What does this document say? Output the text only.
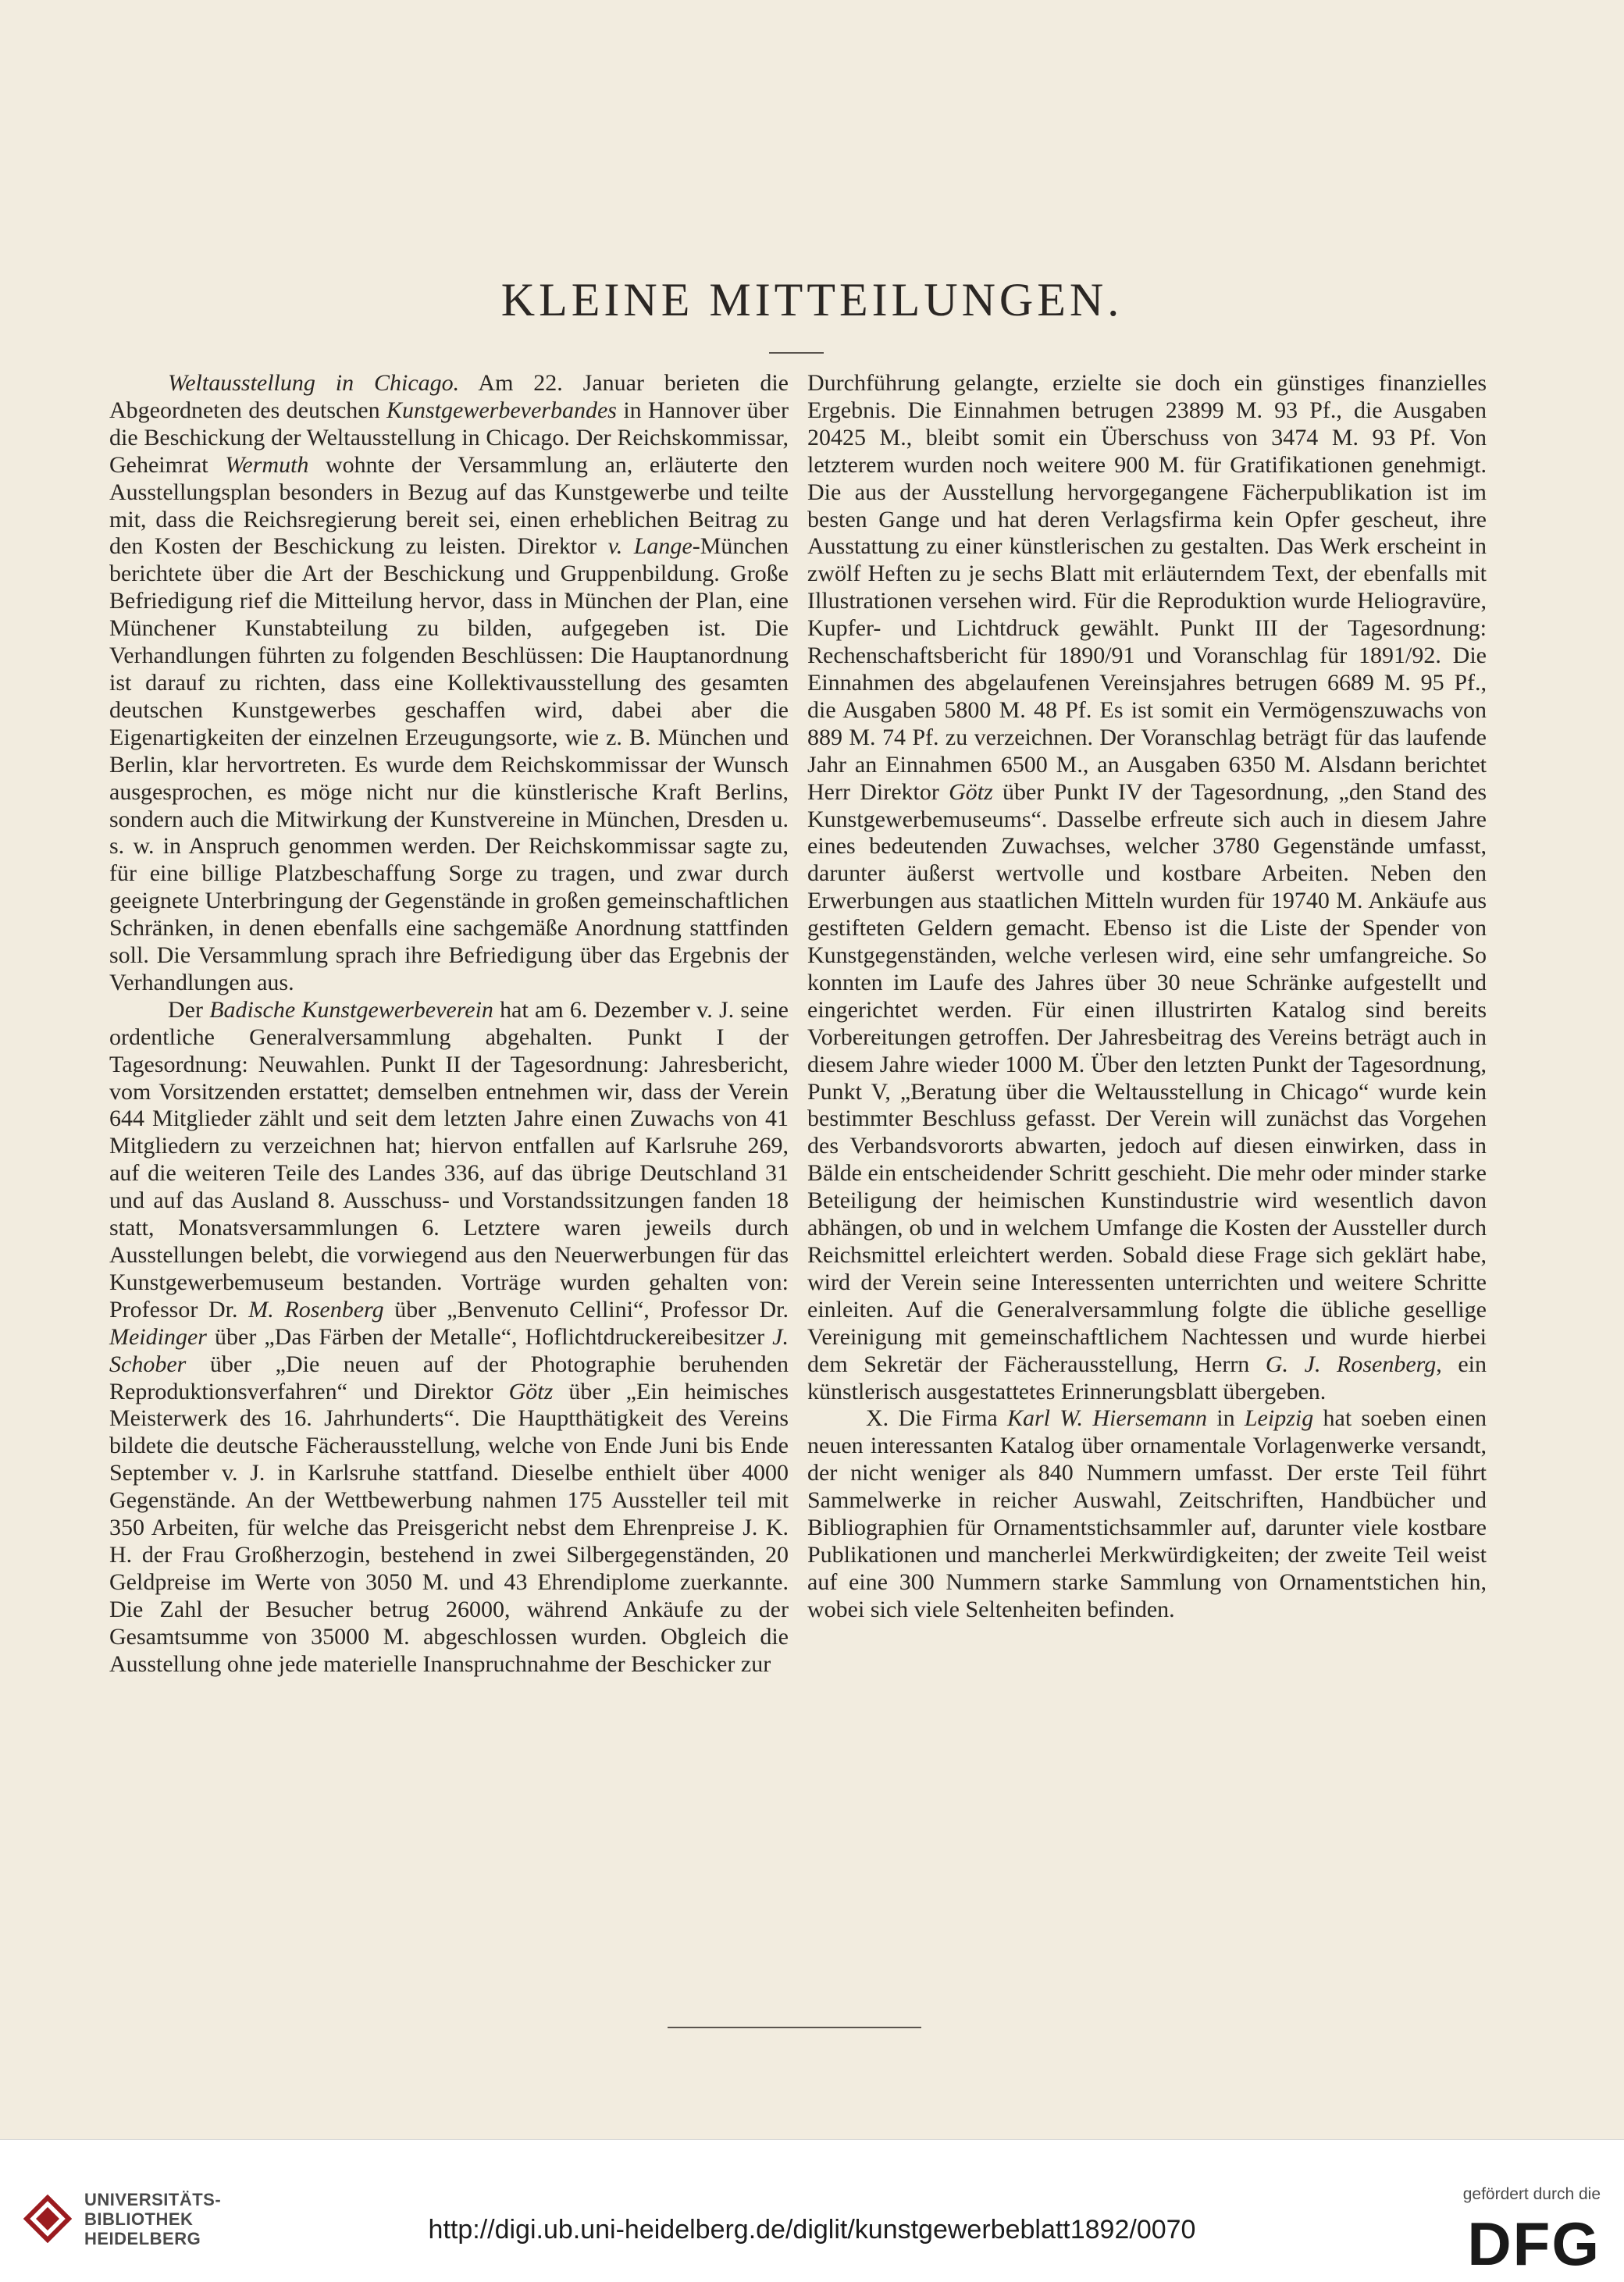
KLEINE MITTEILUNGEN.

Weltausstellung in Chicago. Am 22. Januar berieten die Abgeordneten des deutschen Kunstgewerbeverbandes in Hannover über die Beschickung der Weltausstellung in Chicago. Der Reichskommissar, Geheimrat Wermuth wohnte der Versammlung an, erläuterte den Ausstellungsplan besonders in Bezug auf das Kunstgewerbe und teilte mit, dass die Reichsregierung bereit sei, einen erheblichen Beitrag zu den Kosten der Beschickung zu leisten. Direktor v. Lange-München berichtete über die Art der Beschickung und Gruppenbildung. Große Befriedigung rief die Mitteilung hervor, dass in München der Plan, eine Münchener Kunstabteilung zu bilden, aufgegeben ist. Die Verhandlungen führten zu folgenden Beschlüssen: Die Hauptanordnung ist darauf zu richten, dass eine Kollektivausstellung des gesamten deutschen Kunstgewerbes geschaffen wird, dabei aber die Eigenartigkeiten der einzelnen Erzeugungsorte, wie z. B. München und Berlin, klar hervortreten. Es wurde dem Reichskommissar der Wunsch ausgesprochen, es möge nicht nur die künstlerische Kraft Berlins, sondern auch die Mitwirkung der Kunstvereine in München, Dresden u. s. w. in Anspruch genommen werden. Der Reichskommissar sagte zu, für eine billige Platzbeschaffung Sorge zu tragen, und zwar durch geeignete Unterbringung der Gegenstände in großen gemeinschaftlichen Schränken, in denen ebenfalls eine sachgemäße Anordnung stattfinden soll. Die Versammlung sprach ihre Befriedigung über das Ergebnis der Verhandlungen aus.

Der Badische Kunstgewerbeverein hat am 6. Dezember v. J. seine ordentliche Generalversammlung abgehalten. Punkt I der Tagesordnung: Neuwahlen. Punkt II der Tagesordnung: Jahresbericht, vom Vorsitzenden erstattet; demselben entnehmen wir, dass der Verein 644 Mitglieder zählt und seit dem letzten Jahre einen Zuwachs von 41 Mitgliedern zu verzeichnen hat; hiervon entfallen auf Karlsruhe 269, auf die weiteren Teile des Landes 336, auf das übrige Deutschland 31 und auf das Ausland 8. Ausschuss- und Vorstandssitzungen fanden 18 statt, Monatsversammlungen 6. Letztere waren jeweils durch Ausstellungen belebt, die vorwiegend aus den Neuerwerbungen für das Kunstgewerbemuseum bestanden. Vorträge wurden gehalten von: Professor Dr. M. Rosenberg über „Benvenuto Cellini“, Professor Dr. Meidinger über „Das Färben der Metalle“, Hoflichtdruckereibesitzer J. Schober über „Die neuen auf der Photographie beruhenden Reproduktionsverfahren“ und Direktor Götz über „Ein heimisches Meisterwerk des 16. Jahrhunderts“. Die Hauptthätigkeit des Vereins bildete die deutsche Fächerausstellung, welche von Ende Juni bis Ende September v. J. in Karlsruhe stattfand. Dieselbe enthielt über 4000 Gegenstände. An der Wettbewerbung nahmen 175 Aussteller teil mit 350 Arbeiten, für welche das Preisgericht nebst dem Ehrenpreise J. K. H. der Frau Großherzogin, bestehend in zwei Silbergegenständen, 20 Geldpreise im Werte von 3050 M. und 43 Ehrendiplome zuerkannte. Die Zahl der Besucher betrug 26000, während Ankäufe zu der Gesamtsumme von 35000 M. abgeschlossen wurden. Obgleich die Ausstellung ohne jede materielle Inanspruchnahme der Beschicker zur

Durchführung gelangte, erzielte sie doch ein günstiges finanzielles Ergebnis. Die Einnahmen betrugen 23899 M. 93 Pf., die Ausgaben 20425 M., bleibt somit ein Überschuss von 3474 M. 93 Pf. Von letzterem wurden noch weitere 900 M. für Gratifikationen genehmigt. Die aus der Ausstellung hervorgegangene Fächerpublikation ist im besten Gange und hat deren Verlagsfirma kein Opfer gescheut, ihre Ausstattung zu einer künstlerischen zu gestalten. Das Werk erscheint in zwölf Heften zu je sechs Blatt mit erläuterndem Text, der ebenfalls mit Illustrationen versehen wird. Für die Reproduktion wurde Heliogravüre, Kupfer- und Lichtdruck gewählt. Punkt III der Tagesordnung: Rechenschaftsbericht für 1890/91 und Voranschlag für 1891/92. Die Einnahmen des abgelaufenen Vereinsjahres betrugen 6689 M. 95 Pf., die Ausgaben 5800 M. 48 Pf. Es ist somit ein Vermögenszuwachs von 889 M. 74 Pf. zu verzeichnen. Der Voranschlag beträgt für das laufende Jahr an Einnahmen 6500 M., an Ausgaben 6350 M. Alsdann berichtet Herr Direktor Götz über Punkt IV der Tagesordnung, „den Stand des Kunstgewerbemuseums“. Dasselbe erfreute sich auch in diesem Jahre eines bedeutenden Zuwachses, welcher 3780 Gegenstände umfasst, darunter äußerst wertvolle und kostbare Arbeiten. Neben den Erwerbungen aus staatlichen Mitteln wurden für 19740 M. Ankäufe aus gestifteten Geldern gemacht. Ebenso ist die Liste der Spender von Kunstgegenständen, welche verlesen wird, eine sehr umfangreiche. So konnten im Laufe des Jahres über 30 neue Schränke aufgestellt und eingerichtet werden. Für einen illustrirten Katalog sind bereits Vorbereitungen getroffen. Der Jahresbeitrag des Vereins beträgt auch in diesem Jahre wieder 1000 M. Über den letzten Punkt der Tagesordnung, Punkt V, „Beratung über die Weltausstellung in Chicago“ wurde kein bestimmter Beschluss gefasst. Der Verein will zunächst das Vorgehen des Verbandsvororts abwarten, jedoch auf diesen einwirken, dass in Bälde ein entscheidender Schritt geschieht. Die mehr oder minder starke Beteiligung der heimischen Kunstindustrie wird wesentlich davon abhängen, ob und in welchem Umfange die Kosten der Aussteller durch Reichsmittel erleichtert werden. Sobald diese Frage sich geklärt habe, wird der Verein seine Interessenten unterrichten und weitere Schritte einleiten. Auf die Generalversammlung folgte die übliche gesellige Vereinigung mit gemeinschaftlichem Nachtessen und wurde hierbei dem Sekretär der Fächerausstellung, Herrn G. J. Rosenberg, ein künstlerisch ausgestattetes Erinnerungsblatt übergeben.

X. Die Firma Karl W. Hiersemann in Leipzig hat soeben einen neuen interessanten Katalog über ornamentale Vorlagenwerke versandt, der nicht weniger als 840 Nummern umfasst. Der erste Teil führt Sammelwerke in reicher Auswahl, Zeitschriften, Handbücher und Bibliographien für Ornamentstichsammler auf, darunter viele kostbare Publikationen und mancherlei Merkwürdigkeiten; der zweite Teil weist auf eine 300 Nummern starke Sammlung von Ornamentstichen hin, wobei sich viele Seltenheiten befinden.

UNIVERSITÄTS-
BIBLIOTHEK
HEIDELBERG	http://digi.ub.uni-heidelberg.de/diglit/kunstgewerbeblatt1892/0070
gefördert durch die
DFG
